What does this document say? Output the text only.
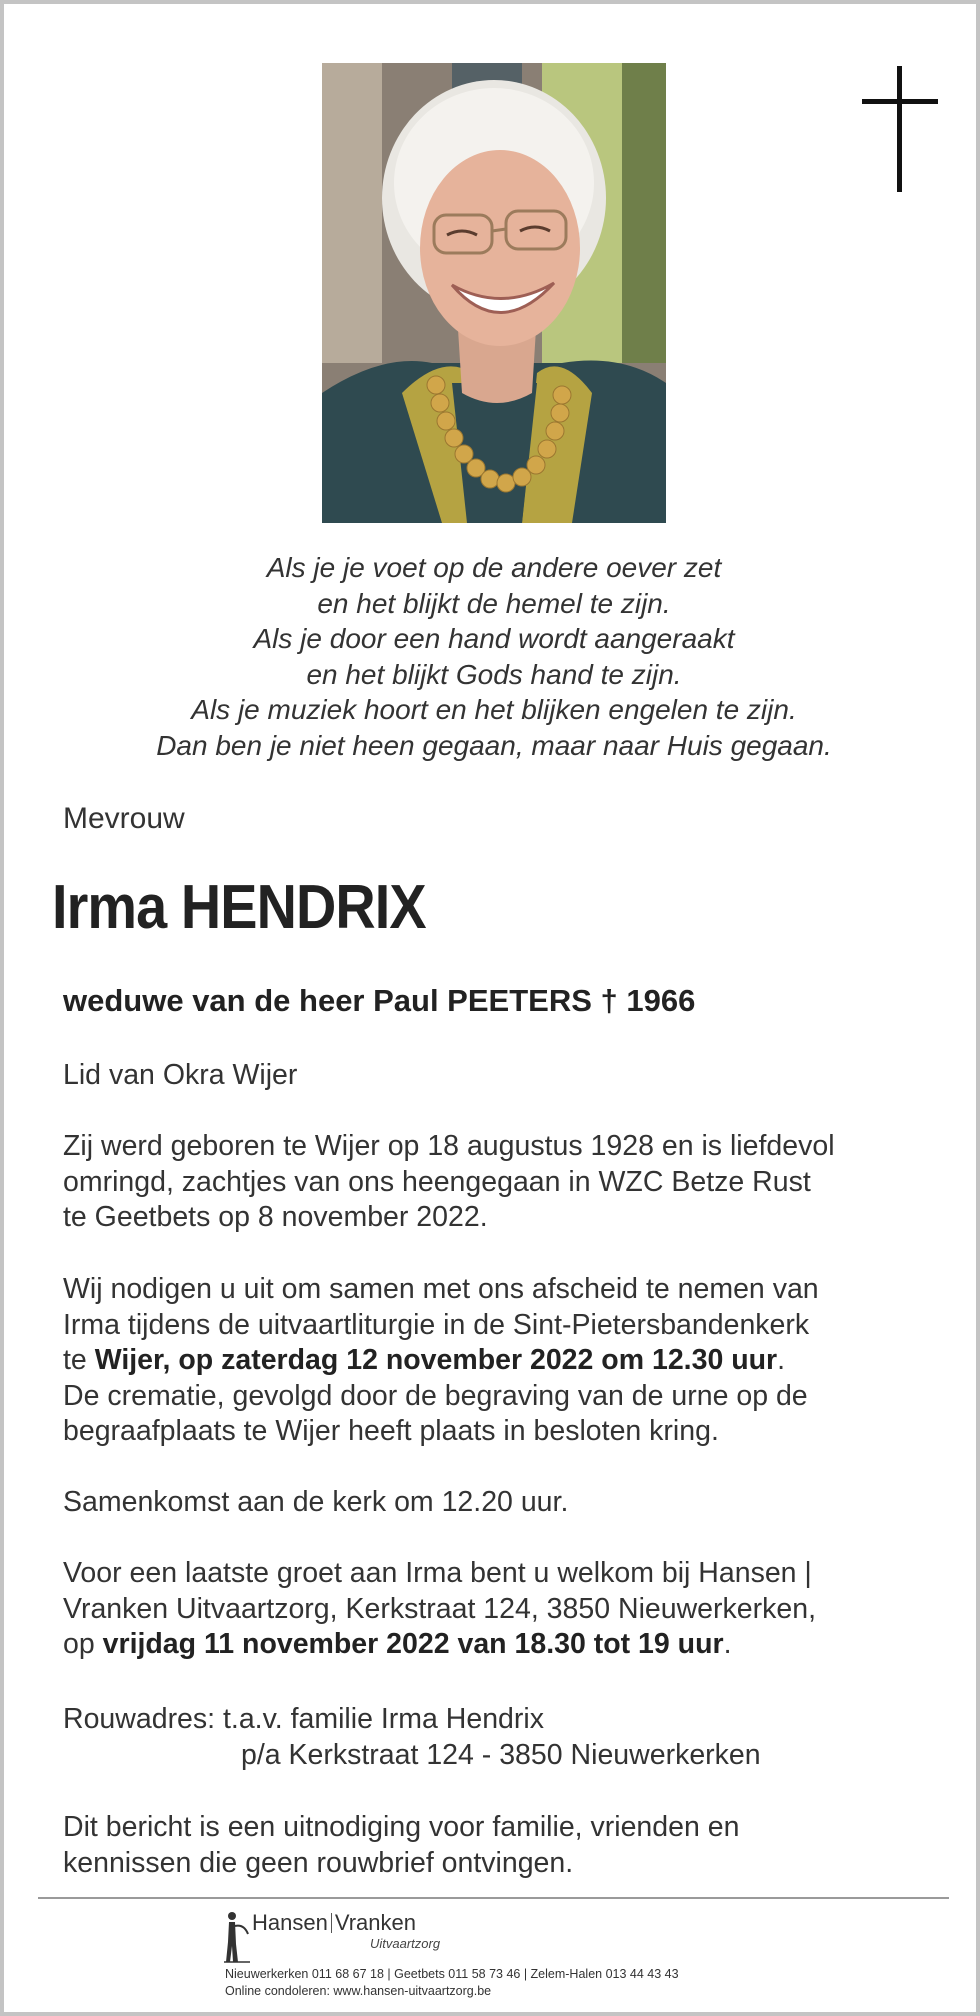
Als je je voet op de andere oever zet
en het blijkt de hemel te zijn.
Als je door een hand wordt aangeraakt
en het blijkt Gods hand te zijn.
Als je muziek hoort en het blijken engelen te zijn.
Dan ben je niet heen gegaan, maar naar Huis gegaan.
Mevrouw
Irma HENDRIX
weduwe van de heer Paul PEETERS † 1966
Lid van Okra Wijer
Zij werd geboren te Wijer op 18 augustus 1928 en is liefdevol
omringd, zachtjes van ons heengegaan in WZC Betze Rust
te Geetbets op 8 november 2022.
Wij nodigen u uit om samen met ons afscheid te nemen van
Irma tijdens de uitvaartliturgie in de Sint-Pietersbandenkerk
te Wijer, op zaterdag 12 november 2022 om 12.30 uur.
De crematie, gevolgd door de begraving van de urne op de
begraafplaats te Wijer heeft plaats in besloten kring.
Samenkomst aan de kerk om 12.20 uur.
Voor een laatste groet aan Irma bent u welkom bij Hansen |
Vranken Uitvaartzorg, Kerkstraat 124, 3850 Nieuwerkerken,
op vrijdag 11 november 2022 van 18.30 tot 19 uur.
Rouwadres: t.a.v. familie Irma Hendrix
p/a Kerkstraat 124 - 3850 Nieuwerkerken
Dit bericht is een uitnodiging voor familie, vrienden en
kennissen die geen rouwbrief ontvingen.
Hansen Vranken
Uitvaartzorg
Nieuwerkerken 011 68 67 18 | Geetbets 011 58 73 46 | Zelem-Halen 013 44 43 43
Online condoleren: www.hansen-uitvaartzorg.be
